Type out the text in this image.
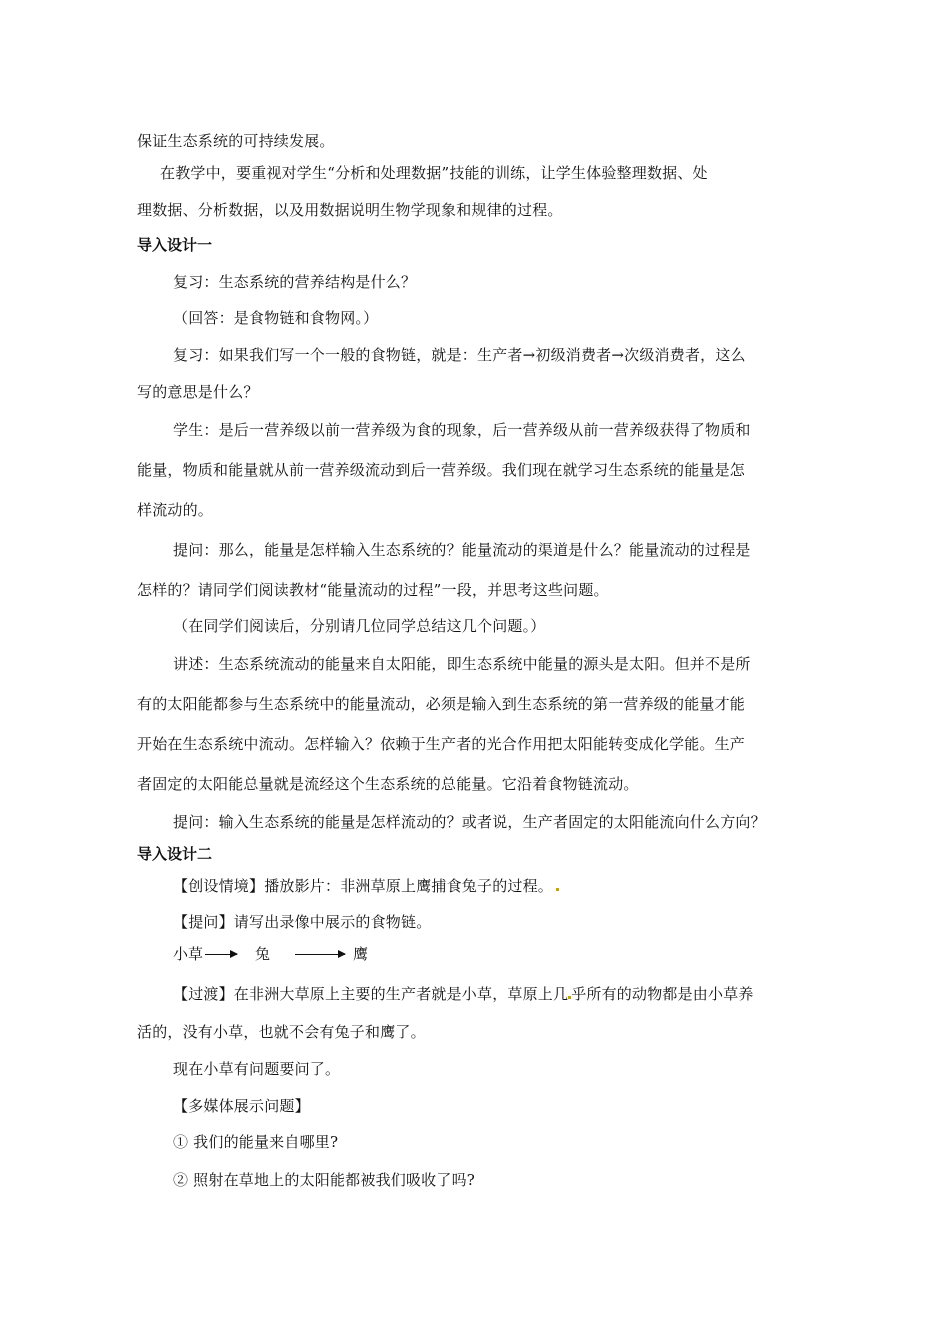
保证生态系统的可持续发展。
在教学中，要重视对学生“分析和处理数据”技能的训练，让学生体验整理数据、处
理数据、分析数据，以及用数据说明生物学现象和规律的过程。
导入设计一
复习：生态系统的营养结构是什么？
（回答：是食物链和食物网。）
复习：如果我们写一个一般的食物链，就是：生产者→初级消费者→次级消费者，这么
写的意思是什么？
学生：是后一营养级以前一营养级为食的现象，后一营养级从前一营养级获得了物质和
能量，物质和能量就从前一营养级流动到后一营养级。我们现在就学习生态系统的能量是怎
样流动的。
提问：那么，能量是怎样输入生态系统的？能量流动的渠道是什么？能量流动的过程是
怎样的？请同学们阅读教材“能量流动的过程”一段，并思考这些问题。
（在同学们阅读后，分别请几位同学总结这几个问题。）
讲述：生态系统流动的能量来自太阳能，即生态系统中能量的源头是太阳。但并不是所
有的太阳能都参与生态系统中的能量流动，必须是输入到生态系统的第一营养级的能量才能
开始在生态系统中流动。怎样输入？依赖于生产者的光合作用把太阳能转变成化学能。生产
者固定的太阳能总量就是流经这个生态系统的总能量。它沿着食物链流动。
提问：输入生态系统的能量是怎样流动的？或者说，生产者固定的太阳能流向什么方向？
导入设计二
【创设情境】播放影片：非洲草原上鹰捕食兔子的过程。
【提问】请写出录像中展示的食物链。
小草	兔	鹰
【过渡】在非洲大草原上主要的生产者就是小草，草原上几 乎所有的动物都是由小草养
活的，没有小草，也就不会有兔子和鹰了。
现在小草有问题要问了。
【多媒体展示问题】
① 我们的能量来自哪里?
② 照射在草地上的太阳能都被我们吸收了吗?
